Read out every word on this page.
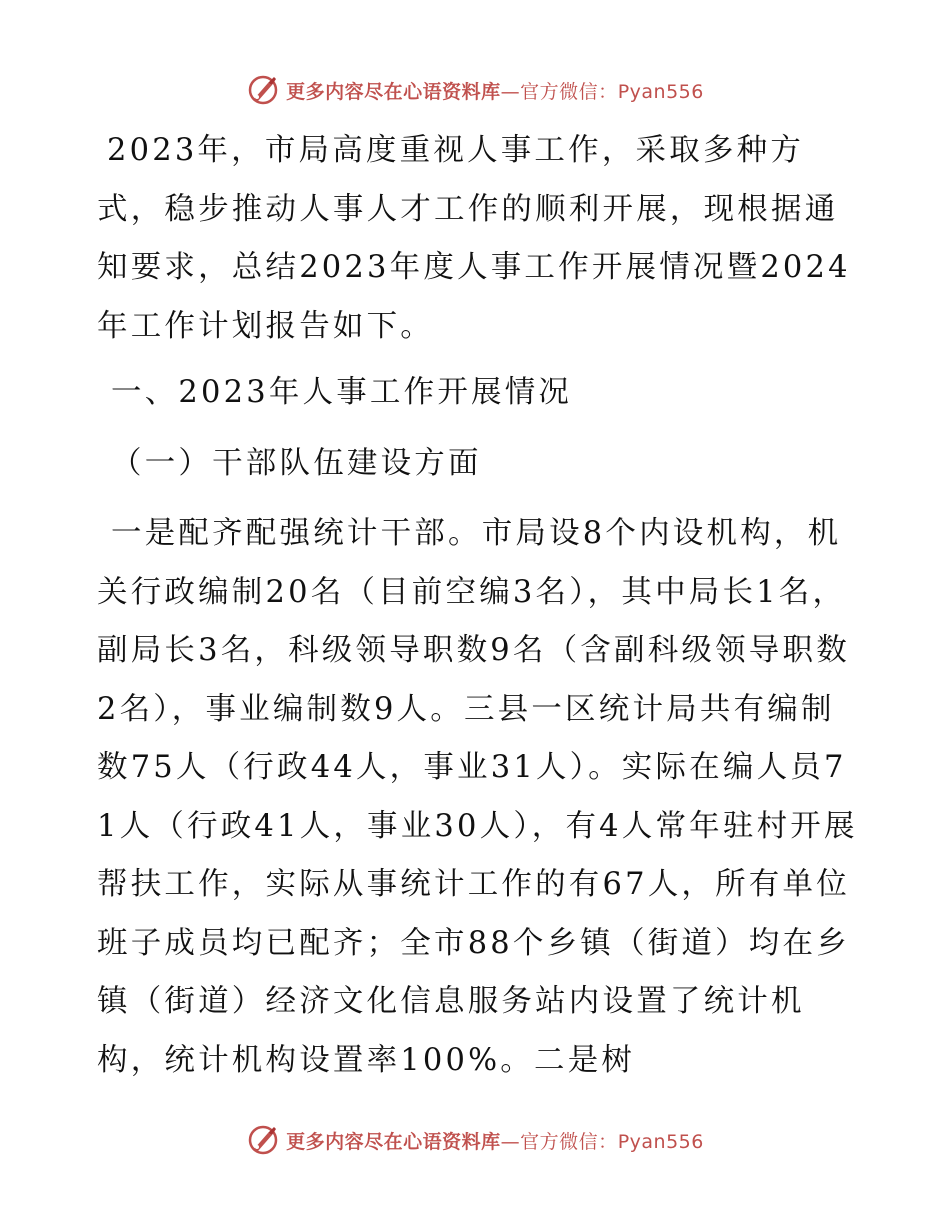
更多内容尽在心语资料库—官方微信：Pyan556

2023年，市局高度重视人事工作，采取多种方式，稳步推动人事人才工作的顺利开展，现根据通知要求，总结2023年度人事工作开展情况暨2024年工作计划报告如下。

一、2023年人事工作开展情况

（一）干部队伍建设方面

一是配齐配强统计干部。市局设8个内设机构，机关行政编制20名（目前空编3名），其中局长1名，副局长3名，科级领导职数9名（含副科级领导职数2名），事业编制数9人。三县一区统计局共有编制数75人（行政44人，事业31人）。实际在编人员71人（行政41人，事业30人），有4人常年驻村开展帮扶工作，实际从事统计工作的有67人，所有单位班子成员均已配齐；全市88个乡镇（街道）均在乡镇（街道）经济文化信息服务站内设置了统计机构，统计机构设置率100%。二是树

更多内容尽在心语资料库—官方微信：Pyan556
